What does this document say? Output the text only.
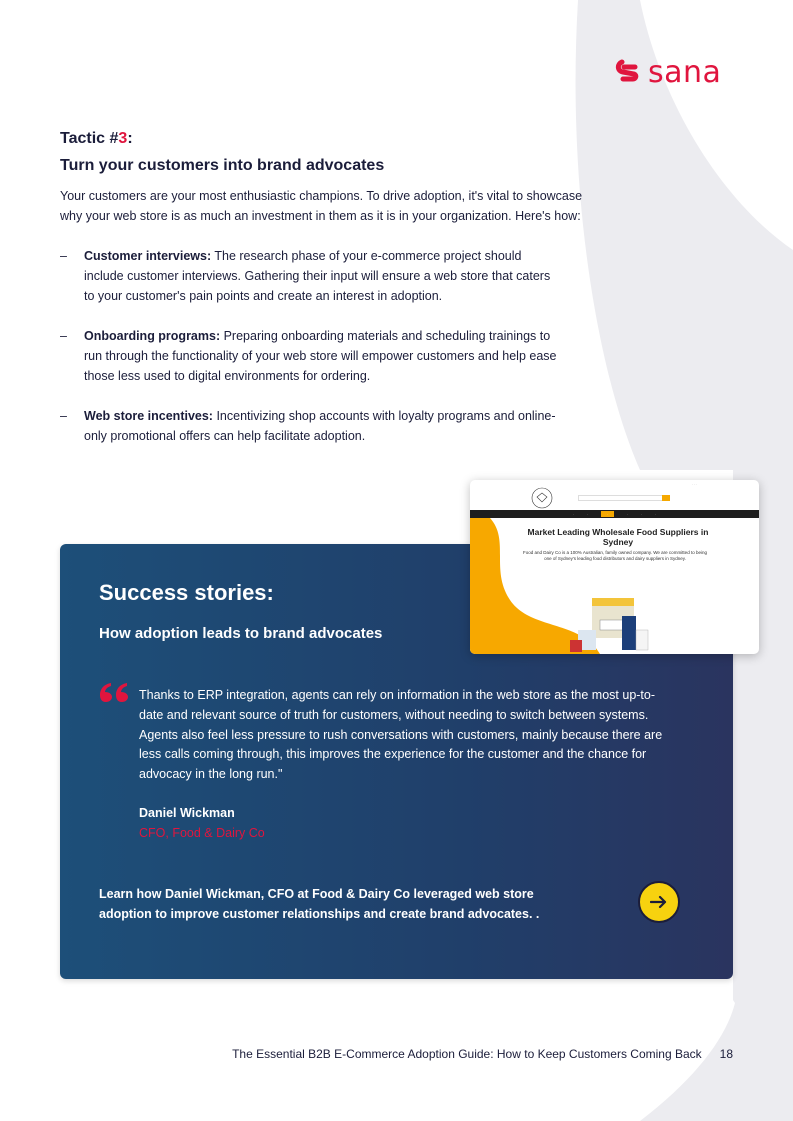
sana
Tactic #3:
Turn your customers into brand advocates
Your customers are your most enthusiastic champions. To drive adoption, it's vital to showcase why your web store is as much an investment in them as it is in your organization. Here's how:
– Customer interviews: The research phase of your e-commerce project should include customer interviews. Gathering their input will ensure a web store that caters to your customer's pain points and create an interest in adoption.
– Onboarding programs: Preparing onboarding materials and scheduling trainings to run through the functionality of your web store will empower customers and help ease those less used to digital environments for ordering.
– Web store incentives: Incentivizing shop accounts with loyalty programs and online-only promotional offers can help facilitate adoption.
Success stories:
How adoption leads to brand advocates
Thanks to ERP integration, agents can rely on information in the web store as the most up-to-date and relevant source of truth for customers, without needing to switch between systems. Agents also feel less pressure to rush conversations with customers, mainly because there are less calls coming through, this improves the experience for the customer and the chance for advocacy in the long run."
Daniel Wickman
CFO, Food & Dairy Co
Learn how Daniel Wickman, CFO at Food & Dairy Co leveraged web store adoption to improve customer relationships and create brand advocates. .
· · ·
·	·	·	·	·	·
Market Leading Wholesale Food Suppliers in Sydney
Food and Dairy Co is a 100% Australian, family owned company. We are committed to being one of Sydney's leading food distributors and dairy suppliers in Sydney.
The Essential B2B E-Commerce Adoption Guide: How to Keep Customers Coming Back 18
